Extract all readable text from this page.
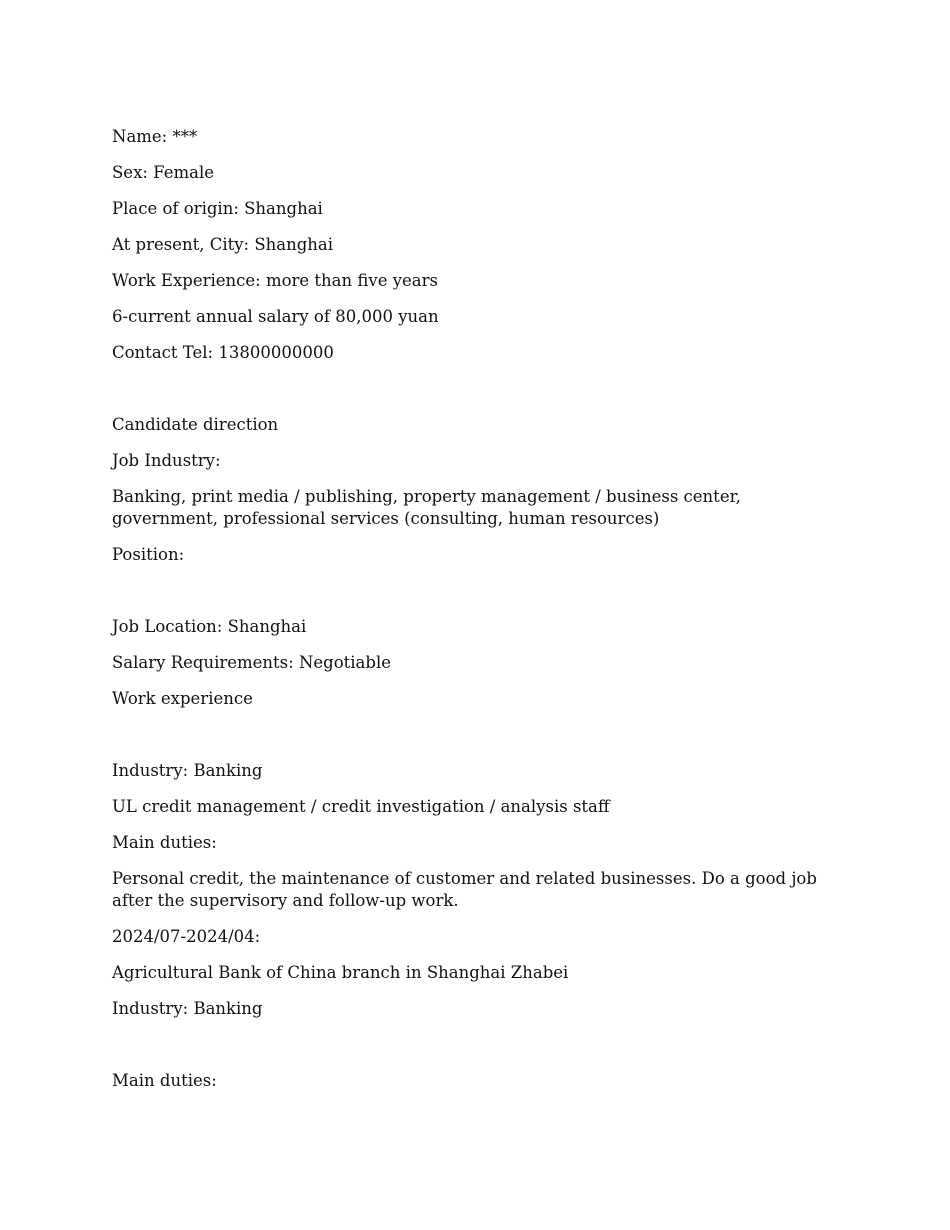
Name: ***

Sex: Female

Place of origin: Shanghai

At present, City: Shanghai

Work Experience: more than five years

6-current annual salary of 80,000 yuan

Contact Tel: 13800000000

Candidate direction

Job Industry:

Banking, print media / publishing, property management / business center, government, professional services (consulting, human resources)

Position:

Job Location: Shanghai

Salary Requirements: Negotiable

Work experience

Industry: Banking

UL credit management / credit investigation / analysis staff

Main duties:

Personal credit, the maintenance of customer and related businesses. Do a good job after the supervisory and follow-up work.

2024/07-2024/04:

Agricultural Bank of China branch in Shanghai Zhabei

Industry: Banking

Main duties:
